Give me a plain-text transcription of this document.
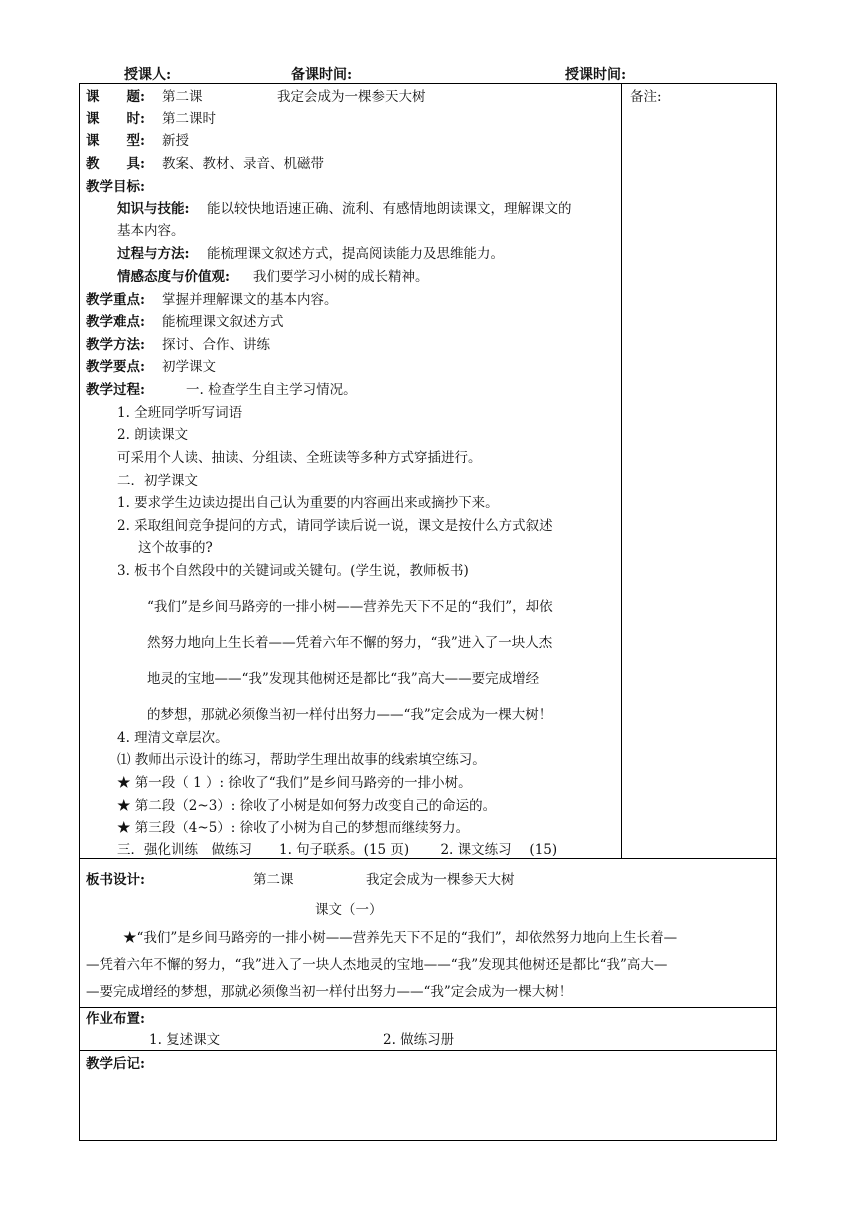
授课人:	备课时间:	授课时间:
备注:
课　　题: 第二课	我定会成为一棵参天大树
课　　时: 第二课时
课　　型: 新授
教　　具: 教案、教材、录音、机磁带
教学目标:
知识与技能: 能以较快地语速正确、流利、有感情地朗读课文，理解课文的
基本内容。
过程与方法: 能梳理课文叙述方式，提高阅读能力及思维能力。
情感态度与价值观: 我们要学习小树的成长精神。
教学重点: 掌握并理解课文的基本内容。
教学难点: 能梳理课文叙述方式
教学方法: 探讨、合作、讲练
教学要点: 初学课文
教学过程:	一. 检查学生自主学习情况。
1. 全班同学听写词语
2. 朗读课文
可采用个人读、抽读、分组读、全班读等多种方式穿插进行。
二．初学课文
1. 要求学生边读边提出自己认为重要的内容画出来或摘抄下来。
2. 采取组间竞争提问的方式，请同学读后说一说，课文是按什么方式叙述
这个故事的?
3. 板书个自然段中的关键词或关键句。(学生说，教师板书)
“我们”是乡间马路旁的一排小树——营养先天下不足的“我们”，却依
然努力地向上生长着——凭着六年不懈的努力，“我”进入了一块人杰
地灵的宝地——“我”发现其他树还是都比“我”高大——要完成增经
的梦想，那就必须像当初一样付出努力——“我”定会成为一棵大树！
4. 理清文章层次。
⑴ 教师出示设计的练习，帮助学生理出故事的线索填空练习。
★ 第一段（ 1 ）: 徐收了“我们”是乡间马路旁的一排小树。
★ 第二段（2~3）: 徐收了小树是如何努力改变自己的命运的。
★ 第三段（4~5）: 徐收了小树为自己的梦想而继续努力。
三．强化训练　做练习　　1. 句子联系。(15 页)　　 2. 课文练习　 (15)
板书设计:	第二课	我定会成为一棵参天大树
课文（一）
★“我们”是乡间马路旁的一排小树——营养先天下不足的“我们”，却依然努力地向上生长着—
—凭着六年不懈的努力，“我”进入了一块人杰地灵的宝地——“我”发现其他树还是都比“我”高大—
—要完成增经的梦想，那就必须像当初一样付出努力——“我”定会成为一棵大树！
作业布置:
1. 复述课文	2. 做练习册
教学后记:
